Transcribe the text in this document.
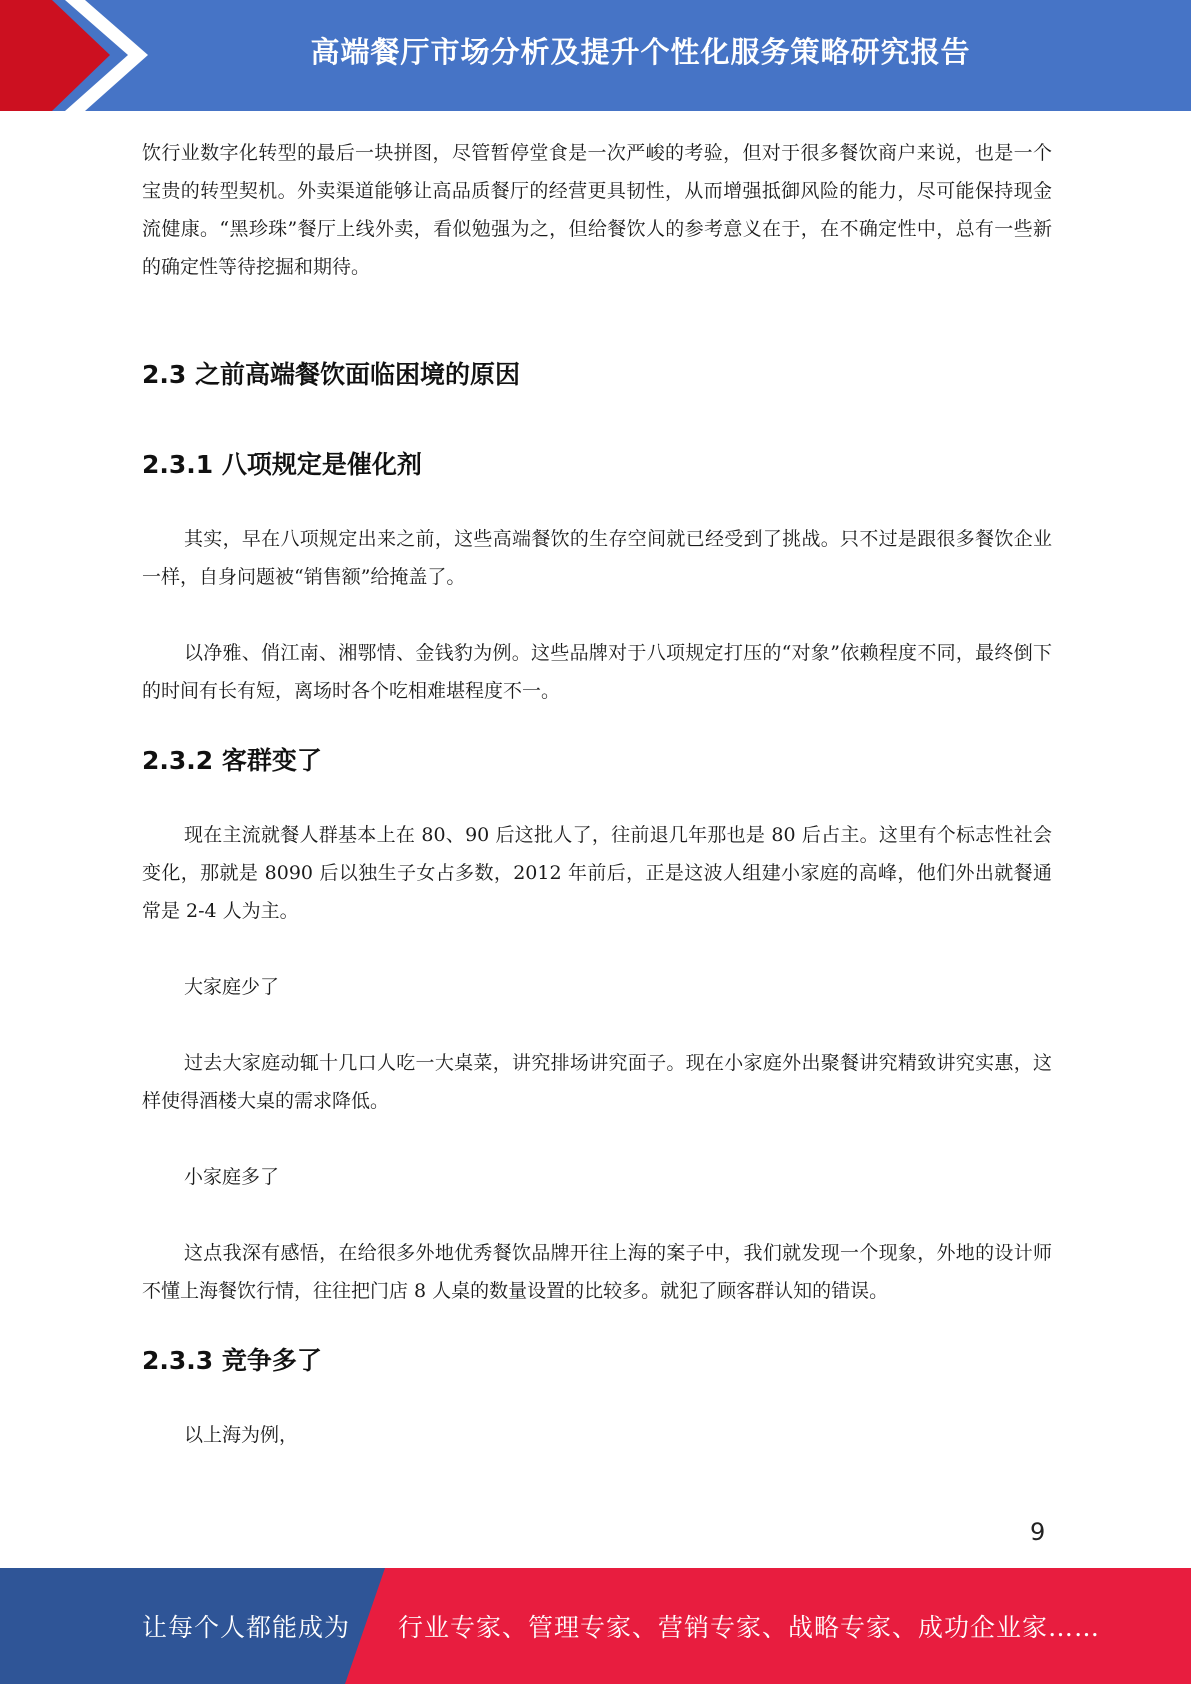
高端餐厅市场分析及提升个性化服务策略研究报告

饮行业数字化转型的最后一块拼图，尽管暂停堂食是一次严峻的考验，但对于很多餐饮商户来说，也是一个宝贵的转型契机。外卖渠道能够让高品质餐厅的经营更具韧性，从而增强抵御风险的能力，尽可能保持现金流健康。“黑珍珠”餐厅上线外卖，看似勉强为之，但给餐饮人的参考意义在于，在不确定性中，总有一些新的确定性等待挖掘和期待。

2.3 之前高端餐饮面临困境的原因
2.3.1 八项规定是催化剂

其实，早在八项规定出来之前，这些高端餐饮的生存空间就已经受到了挑战。只不过是跟很多餐饮企业一样，自身问题被“销售额”给掩盖了。

以净雅、俏江南、湘鄂情、金钱豹为例。这些品牌对于八项规定打压的“对象”依赖程度不同，最终倒下的时间有长有短，离场时各个吃相难堪程度不一。

2.3.2 客群变了

现在主流就餐人群基本上在 80、90 后这批人了，往前退几年那也是 80 后占主。这里有个标志性社会变化，那就是 8090 后以独生子女占多数，2012 年前后，正是这波人组建小家庭的高峰，他们外出就餐通常是 2-4 人为主。

大家庭少了

过去大家庭动辄十几口人吃一大桌菜，讲究排场讲究面子。现在小家庭外出聚餐讲究精致讲究实惠，这样使得酒楼大桌的需求降低。

小家庭多了

这点我深有感悟，在给很多外地优秀餐饮品牌开往上海的案子中，我们就发现一个现象，外地的设计师不懂上海餐饮行情，往往把门店 8 人桌的数量设置的比较多。就犯了顾客群认知的错误。

2.3.3 竞争多了

以上海为例，

9
让每个人都能成为 行业专家、管理专家、营销专家、战略专家、成功企业家……
